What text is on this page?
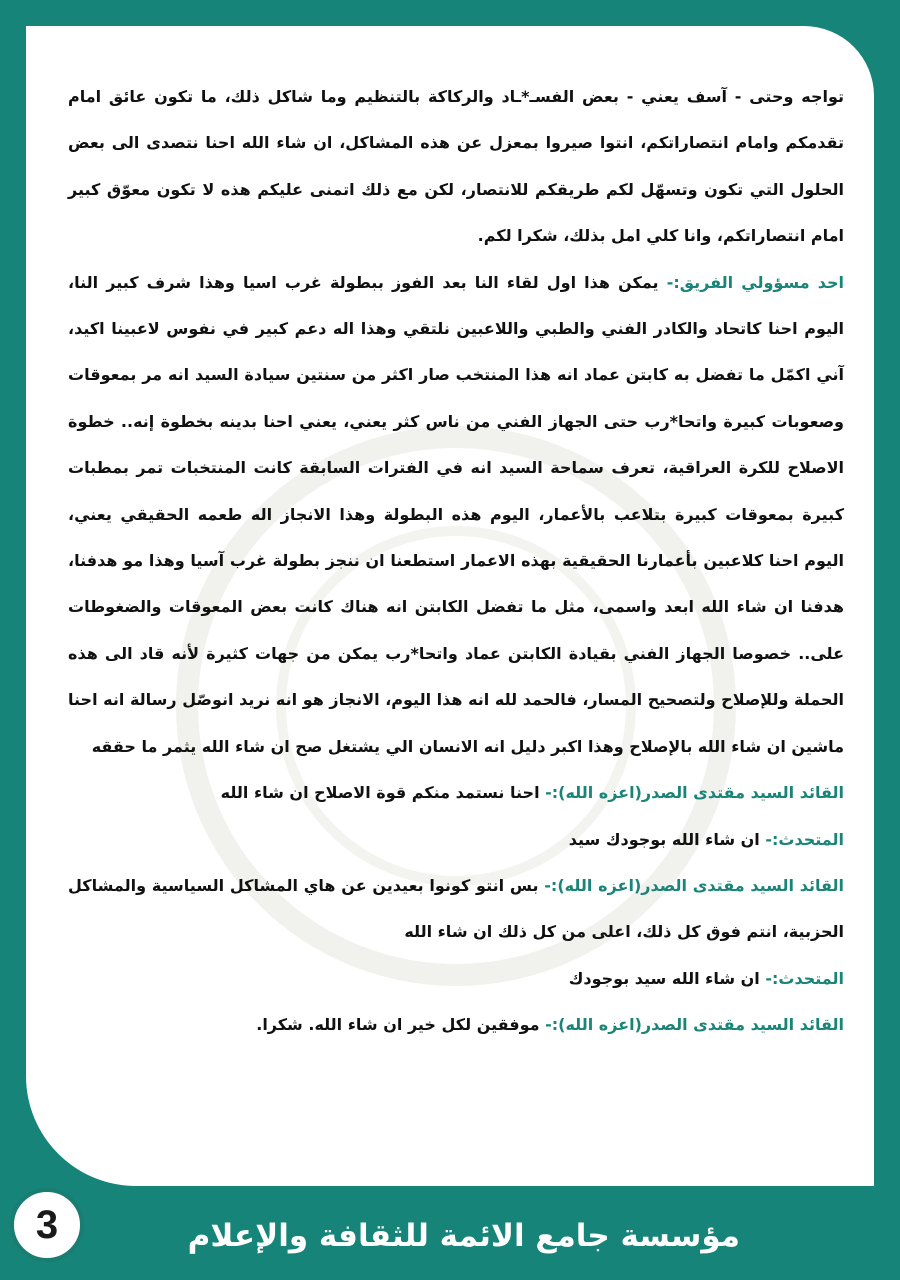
تواجه وحتى - آسف يعني - بعض الفسـ*ـاد والركاكة بالتنظيم وما شاكل ذلك، ما تكون عائق امام تقدمكم وامام انتصاراتكم، انتوا صيروا بمعزل عن هذه المشاكل، ان شاء الله احنا نتصدى الى بعض الحلول التي تكون وتسهّل لكم طريقكم للانتصار، لكن مع ذلك اتمنى عليكم هذه لا تكون معوّق كبير امام انتصاراتكم، وانا كلي امل بذلك، شكرا لكم.

احد مسؤولي الفريق:- يمكن هذا اول لقاء النا بعد الفوز ببطولة غرب اسيا وهذا شرف كبير النا، اليوم احنا كاتحاد والكادر الفني والطبي واللاعبين نلتقي وهذا اله دعم كبير في نفوس لاعبينا اكيد، آني اكمّل ما تفضل به كابتن عماد انه هذا المنتخب صار اكثر من سنتين سيادة السيد انه مر بمعوقات وصعوبات كبيرة واتحا*رب حتى الجهاز الفني من ناس كثر يعني، يعني احنا بدينه بخطوة إنه.. خطوة الاصلاح للكرة العراقية، تعرف سماحة السيد انه في الفترات السابقة كانت المنتخبات تمر بمطبات كبيرة بمعوقات كبيرة بتلاعب بالأعمار، اليوم هذه البطولة وهذا الانجاز اله طعمه الحقيقي يعني، اليوم احنا كلاعبين بأعمارنا الحقيقية بهذه الاعمار استطعنا ان ننجز بطولة غرب آسيا وهذا مو هدفنا، هدفنا ان شاء الله ابعد واسمى، مثل ما تفضل الكابتن انه هناك كانت بعض المعوقات والضغوطات على.. خصوصا الجهاز الفني بقيادة الكابتن عماد واتحا*رب يمكن من جهات كثيرة لأنه قاد الى هذه الحملة وللإصلاح ولتصحيح المسار، فالحمد لله انه هذا اليوم، الانجاز هو انه نريد انوصّل رسالة انه احنا ماشين ان شاء الله بالإصلاح وهذا اكبر دليل انه الانسان الي يشتغل صح ان شاء الله يثمر ما حققه

القائد السيد مقتدى الصدر(اعزه الله):- احنا نستمد منكم قوة الاصلاح ان شاء الله

المتحدث:- ان شاء الله بوجودك سيد

القائد السيد مقتدى الصدر(اعزه الله):- بس انتو كونوا بعيدين عن هاي المشاكل السياسية والمشاكل الحزبية، انتم فوق كل ذلك، اعلى من كل ذلك ان شاء الله

المتحدث:- ان شاء الله سيد بوجودك

القائد السيد مقتدى الصدر(اعزه الله):- موفقين لكل خير ان شاء الله. شكرا.

مؤسسة جامع الائمة للثقافة والإعلام
3
